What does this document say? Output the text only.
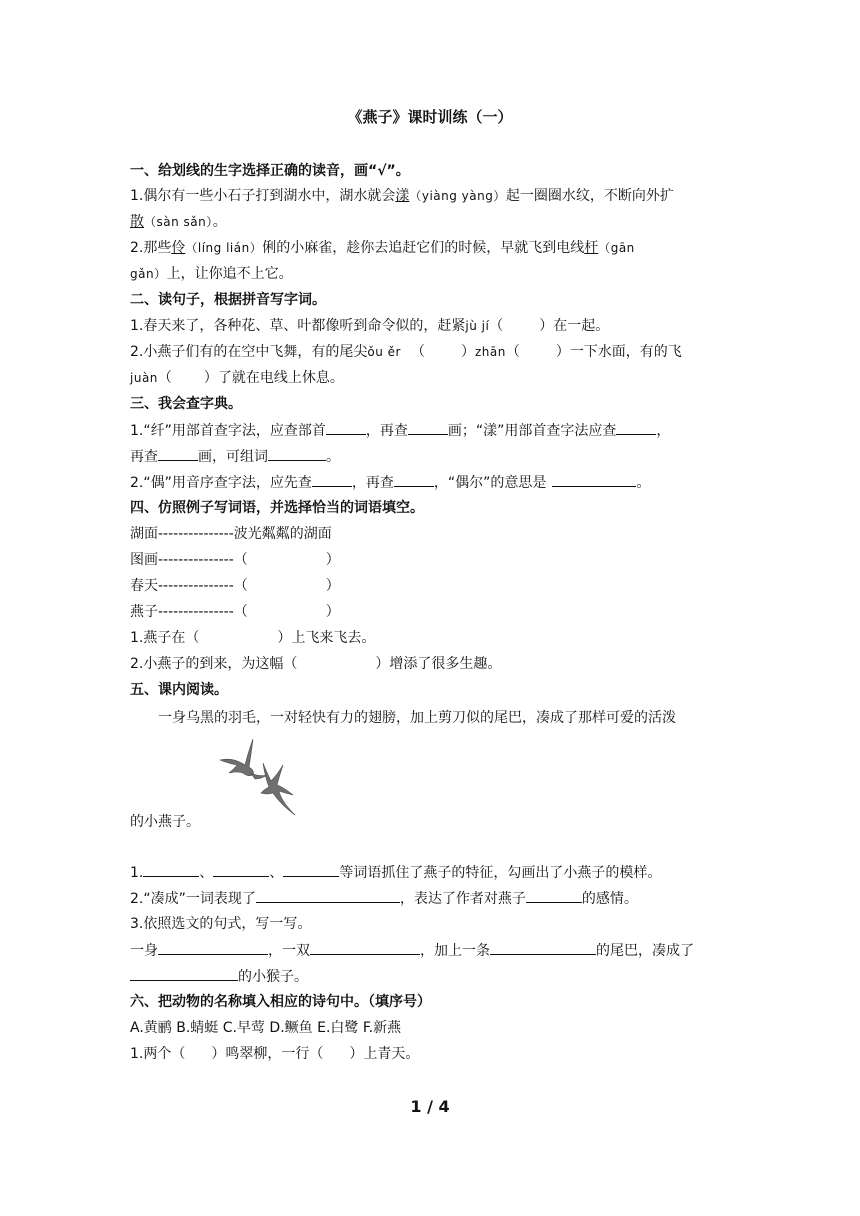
《燕子》课时训练（一）
一、给划线的生字选择正确的读音，画“√”。
1.偶尔有一些小石子打到湖水中，湖水就会漾（yiàng yàng）起一圈圈水纹，不断向外扩
散（sàn sǎn）。
2.那些伶（líng lián）俐的小麻雀，趁你去追赶它们的时候，早就飞到电线杆（gān
gǎn）上，让你追不上它。
二、读句子，根据拼音写字词。
1.春天来了，各种花、草、叶都像听到命令似的，赶紧jù jí（	）在一起。
2.小燕子们有的在空中飞舞，有的尾尖ǒu ěr （	）zhān（	）一下水面，有的飞
juàn（ ）了就在电线上休息。
三、我会查字典。
1.“纤”用部首查字法，应查部首	，再查	画；“漾”用部首查字法应查	，
再查	画，可组词	。
2.“偶”用音序查字法，应先查	，再查	，“偶尔”的意思是	。
四、仿照例子写词语，并选择恰当的词语填空。
湖面---------------波光粼粼的湖面
图画---------------（	）
春天---------------（	）
燕子---------------（	）
1.燕子在（	）上飞来飞去。
2.小燕子的到来，为这幅（	）增添了很多生趣。
五、课内阅读。
一身乌黑的羽毛，一对轻快有力的翅膀，加上剪刀似的尾巴，凑成了那样可爱的活泼
的小燕子。
1.	、	、	等词语抓住了燕子的特征，勾画出了小燕子的模样。
2.“凑成”一词表现了	，表达了作者对燕子	的感情。
3.依照选文的句式，写一写。
一身	，一双	，加上一条	的尾巴，凑成了
的小猴子。
六、把动物的名称填入相应的诗句中。（填序号）
A.黄鹂 B.蜻蜓 C.早莺 D.鳜鱼 E.白鹭 F.新燕
1.两个（ ）鸣翠柳，一行（ ）上青天。
1 / 4
